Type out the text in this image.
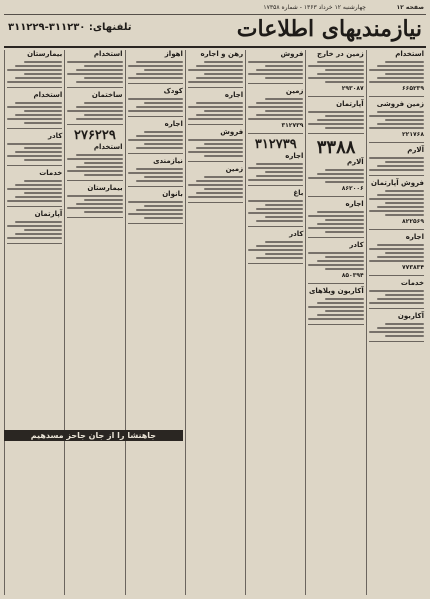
صفحه ۱۲
چهارشنبه ۱۲ خرداد ۱۳۶۳ - شماره ۱۷۳۵۸
نیازمندیهای اطلاعات
تلفنهای: ۳۱۱۲۳۰-۳۱۱۲۲۹
استخدام
۶۶۵۲۳۹
زمین فروشی
۲۲۱۷۶۸
آلارم
فروش آپارتمان
۸۲۲۵۶۹
اجاره
۷۷۳۸۳۴
خدمات
آکاربون
زمین در خارج
۲۹۳۰۸۷
آپارتمان
۳۳۸۸
آلارم
۸۶۲۰۰۶
اجاره
کادر
۸۵۰۳۹۴
آکاربون ویلاهای
فروش
زمین
۳۱۲۷۳۹
۳۱۲۷۳۹
اجاره
باغ
کادر
رهن و اجاره
اجاره
فروش
زمین
اهواز
کودک
اجاره
نیازمندی
بانوان
استخدام
ساختمان
۲۷۶۲۲۹
استخدام
بیمارستان
بیمارستان
استخدام
کادر
خدمات
آپارتمان
جاهنشا را از جان جاحز مسدهیم
